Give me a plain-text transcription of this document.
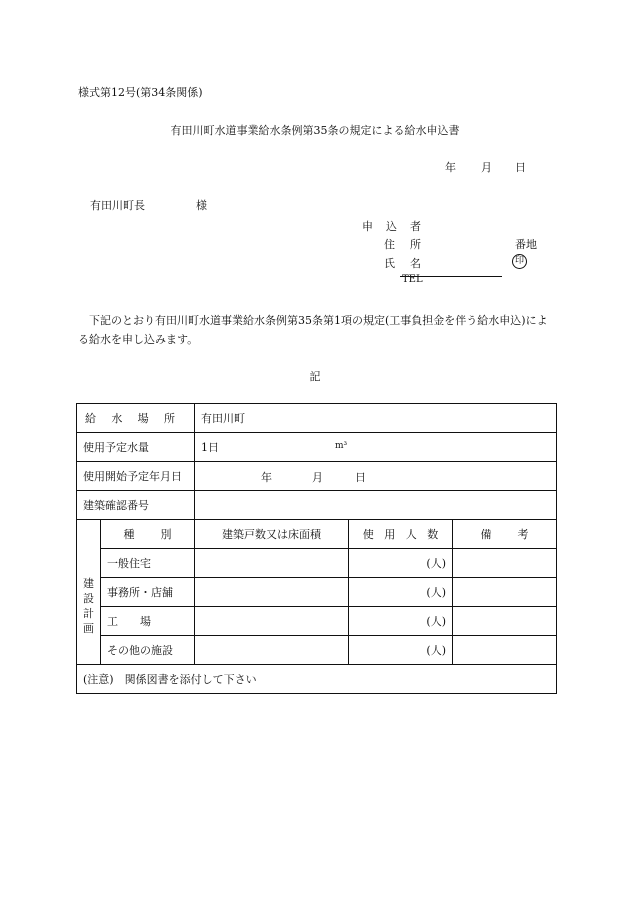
様式第12号(第34条関係)
有田川町水道事業給水条例第35条の規定による給水申込書
年 月 日
有田川町長	様
申 込 者
住 所	番地
氏 名	印
TEL
下記のとおり有田川町水道事業給水条例第35条第1項の規定(工事負担金を伴う給水申込)による給水を申し込みます。
記
給 水 場 所		有田川町		
使用予定水量		1日 m³		

使用開始予定年月日		年 月 日		

建築確認番号				

建
設
計
画	種 別	建築戸数又は床面積	使 用 人 数	備 考
	一般住宅		(人)	
	事務所・店舗		(人)	
	工　　場		(人)	
	その他の施設		(人)	
(注意)　関係図書を添付して下さい				
